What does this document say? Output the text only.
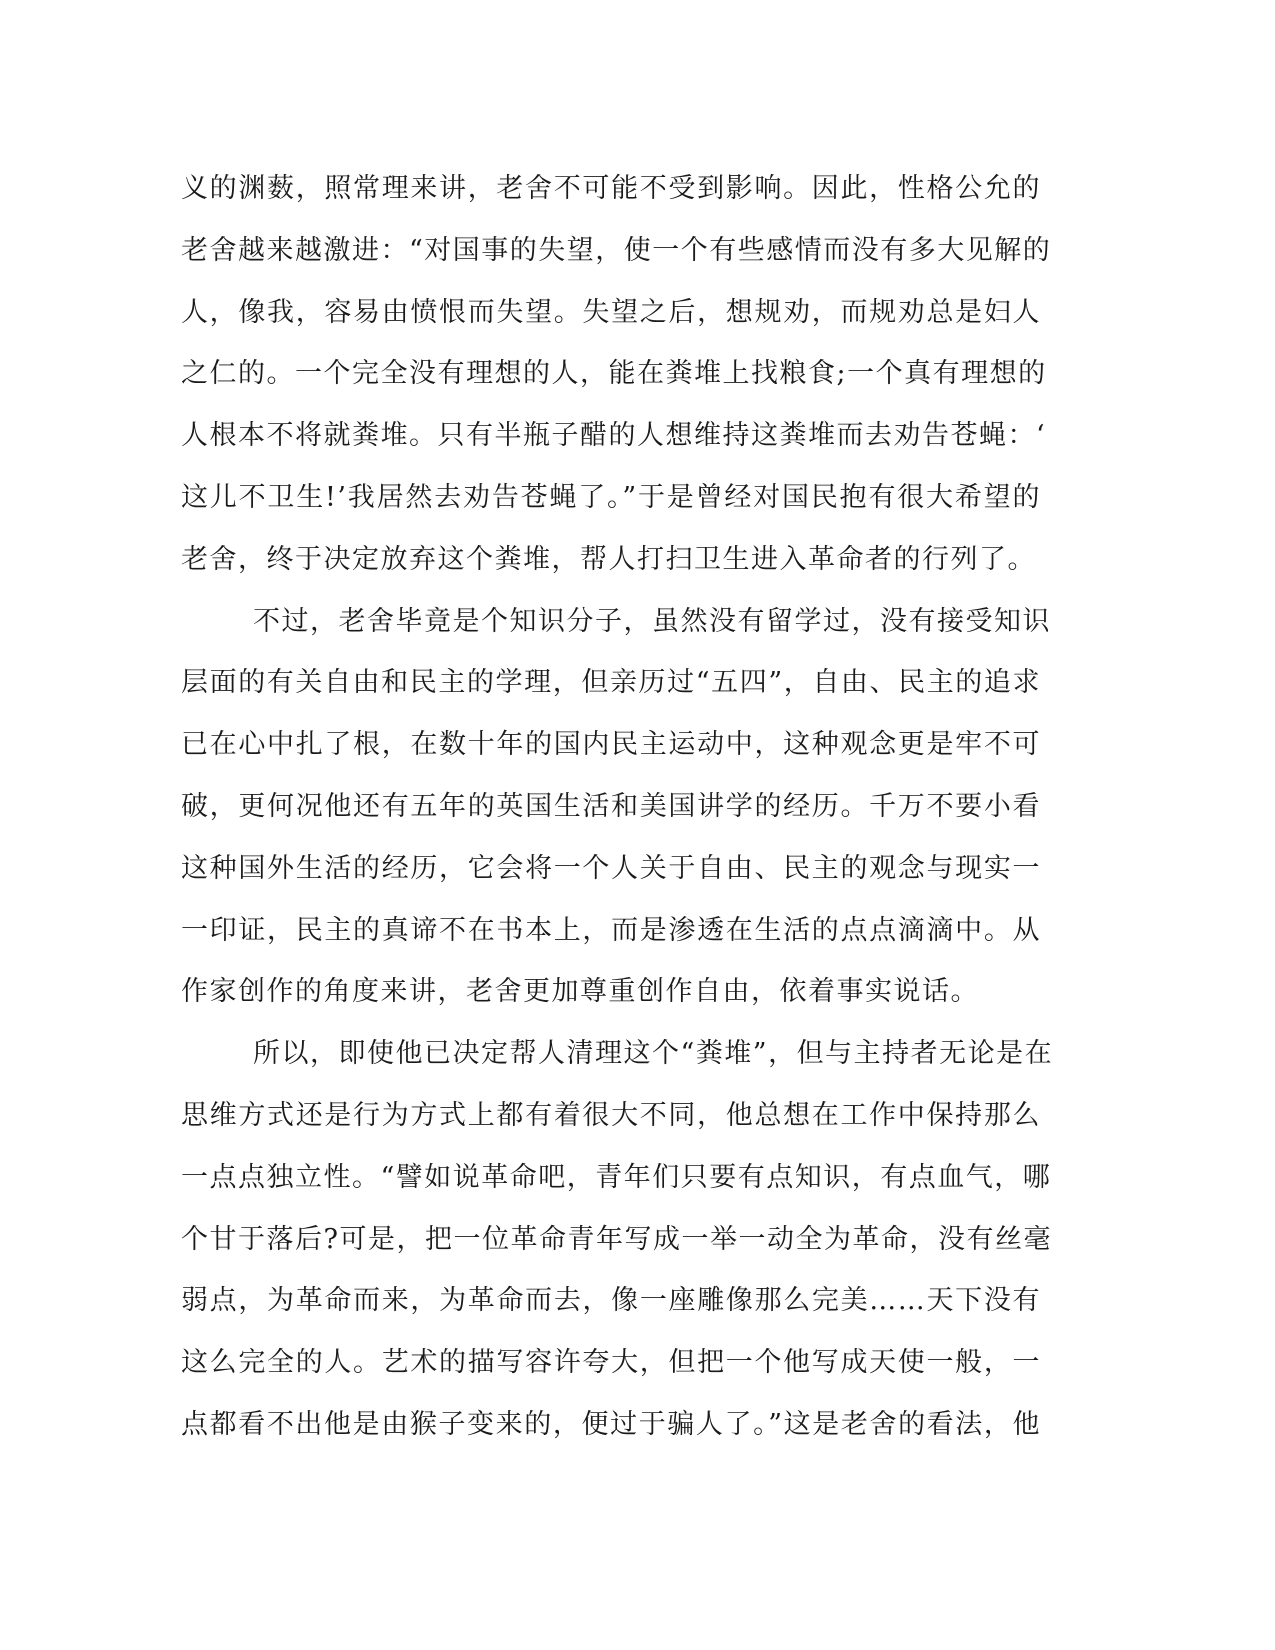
义的渊薮，照常理来讲，老舍不可能不受到影响。因此，性格公允的
老舍越来越激进：“对国事的失望，使一个有些感情而没有多大见解的
人，像我，容易由愤恨而失望。失望之后，想规劝，而规劝总是妇人
之仁的。一个完全没有理想的人，能在粪堆上找粮食;一个真有理想的
人根本不将就粪堆。只有半瓶子醋的人想维持这粪堆而去劝告苍蝇：‘
这儿不卫生!’我居然去劝告苍蝇了。”于是曾经对国民抱有很大希望的
老舍，终于决定放弃这个粪堆，帮人打扫卫生进入革命者的行列了。
不过，老舍毕竟是个知识分子，虽然没有留学过，没有接受知识
层面的有关自由和民主的学理，但亲历过“五四”，自由、民主的追求
已在心中扎了根，在数十年的国内民主运动中，这种观念更是牢不可
破，更何况他还有五年的英国生活和美国讲学的经历。千万不要小看
这种国外生活的经历，它会将一个人关于自由、民主的观念与现实一
一印证，民主的真谛不在书本上，而是渗透在生活的点点滴滴中。从
作家创作的角度来讲，老舍更加尊重创作自由，依着事实说话。
所以，即使他已决定帮人清理这个“粪堆”，但与主持者无论是在
思维方式还是行为方式上都有着很大不同，他总想在工作中保持那么
一点点独立性。“譬如说革命吧，青年们只要有点知识，有点血气，哪
个甘于落后?可是，把一位革命青年写成一举一动全为革命，没有丝毫
弱点，为革命而来，为革命而去，像一座雕像那么完美……天下没有
这么完全的人。艺术的描写容许夸大，但把一个他写成天使一般，一
点都看不出他是由猴子变来的，便过于骗人了。”这是老舍的看法，他
